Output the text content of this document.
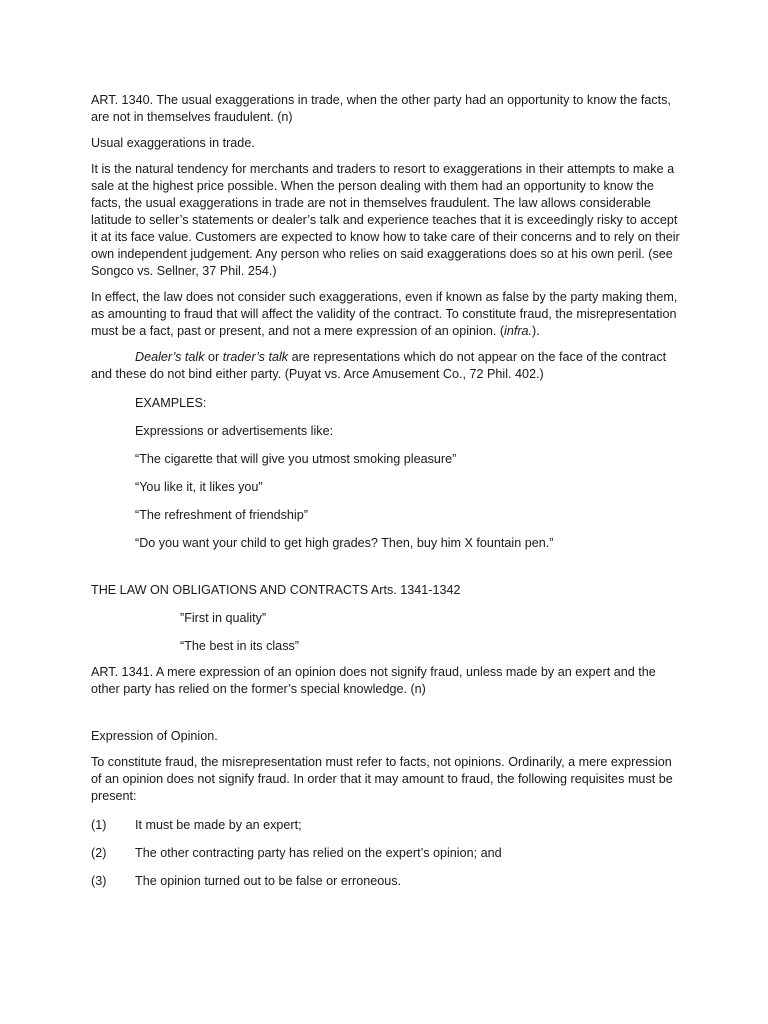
ART. 1340. The usual exaggerations in trade, when the other party had an opportunity to know the facts, are not in themselves fraudulent. (n)

Usual exaggerations in trade.

It is the natural tendency for merchants and traders to resort to exaggerations in their attempts to make a sale at the highest price possible. When the person dealing with them had an opportunity to know the facts, the usual exaggerations in trade are not in themselves fraudulent. The law allows considerable latitude to seller’s statements or dealer’s talk and experience teaches that it is exceedingly risky to accept it at its face value. Customers are expected to know how to take care of their concerns and to rely on their own independent judgement. Any person who relies on said exaggerations does so at his own peril. (see Songco vs. Sellner, 37 Phil. 254.)

In effect, the law does not consider such exaggerations, even if known as false by the party making them, as amounting to fraud that will affect the validity of the contract. To constitute fraud, the misrepresentation must be a fact, past or present, and not a mere expression of an opinion. (infra.).

Dealer’s talk or trader’s talk are representations which do not appear on the face of the contract and these do not bind either party. (Puyat vs. Arce Amusement Co., 72 Phil. 402.)

EXAMPLES:

Expressions or advertisements like:

“The cigarette that will give you utmost smoking pleasure”

“You like it, it likes you”

“The refreshment of friendship”

“Do you want your child to get high grades? Then, buy him X fountain pen.”

THE LAW ON OBLIGATIONS AND CONTRACTS Arts. 1341-1342

”First in quality”

“The best in its class”

ART. 1341. A mere expression of an opinion does not signify fraud, unless made by an expert and the other party has relied on the former’s special knowledge. (n)

Expression of Opinion.

To constitute fraud, the misrepresentation must refer to facts, not opinions. Ordinarily, a mere expression of an opinion does not signify fraud. In order that it may amount to fraud, the following requisites must be present:

(1)	It must be made by an expert;
(2)	The other contracting party has relied on the expert’s opinion; and
(3)	The opinion turned out to be false or erroneous.
